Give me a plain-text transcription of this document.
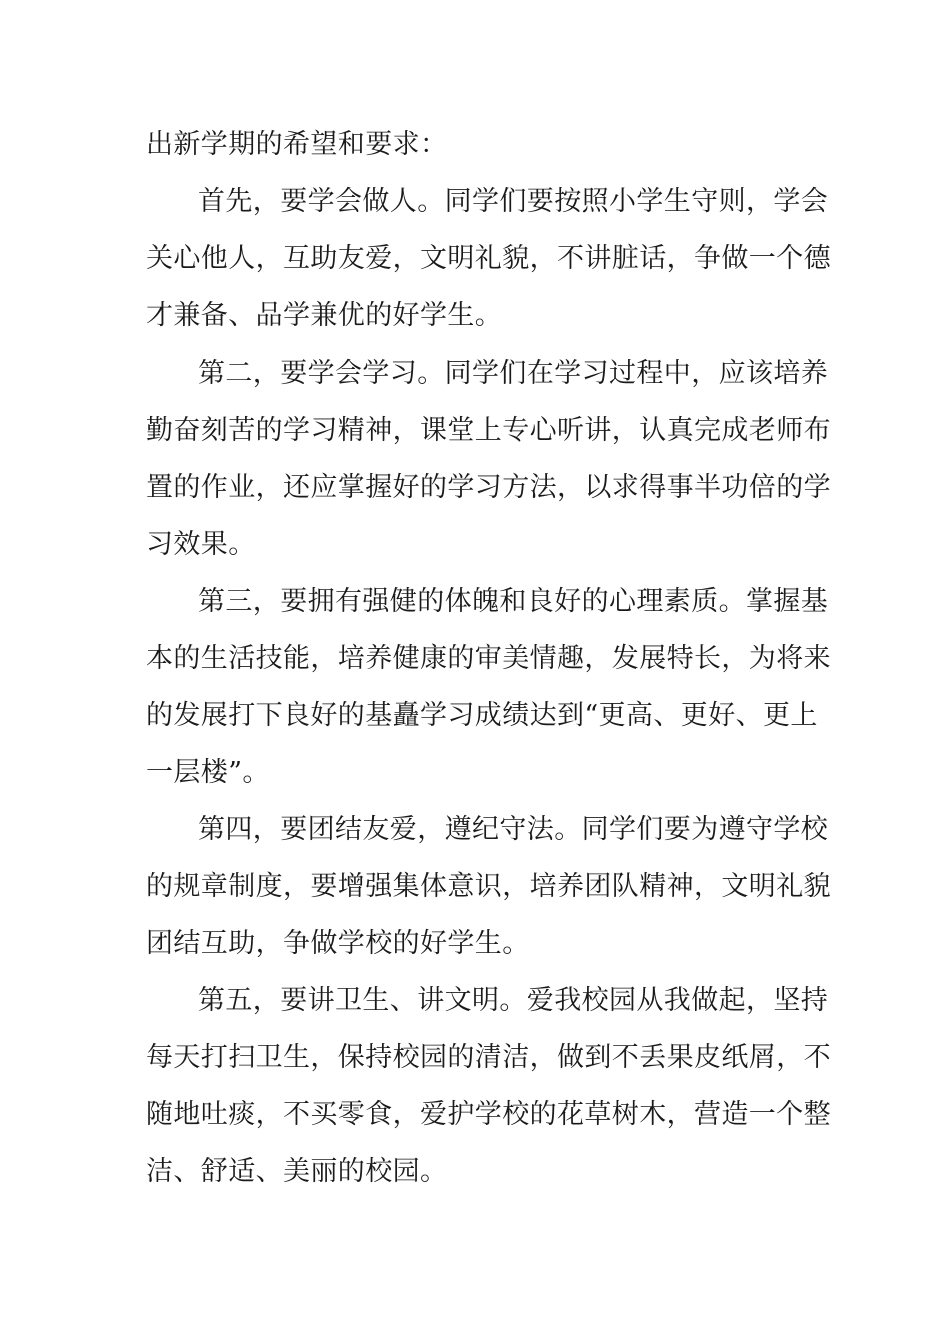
出新学期的希望和要求：
首先，要学会做人。同学们要按照小学生守则，学会
关心他人，互助友爱，文明礼貌，不讲脏话，争做一个德
才兼备、品学兼优的好学生。
第二，要学会学习。同学们在学习过程中，应该培养
勤奋刻苦的学习精神，课堂上专心听讲，认真完成老师布
置的作业，还应掌握好的学习方法，以求得事半功倍的学
习效果。
第三，要拥有强健的体魄和良好的心理素质。掌握基
本的生活技能，培养健康的审美情趣，发展特长，为将来
的发展打下良好的基矗学习成绩达到“更高、更好、更上
一层楼”。
第四，要团结友爱，遵纪守法。同学们要为遵守学校
的规章制度，要增强集体意识，培养团队精神，文明礼貌
团结互助，争做学校的好学生。
第五，要讲卫生、讲文明。爱我校园从我做起，坚持
每天打扫卫生，保持校园的清洁，做到不丢果皮纸屑，不
随地吐痰，不买零食，爱护学校的花草树木，营造一个整
洁、舒适、美丽的校园。
